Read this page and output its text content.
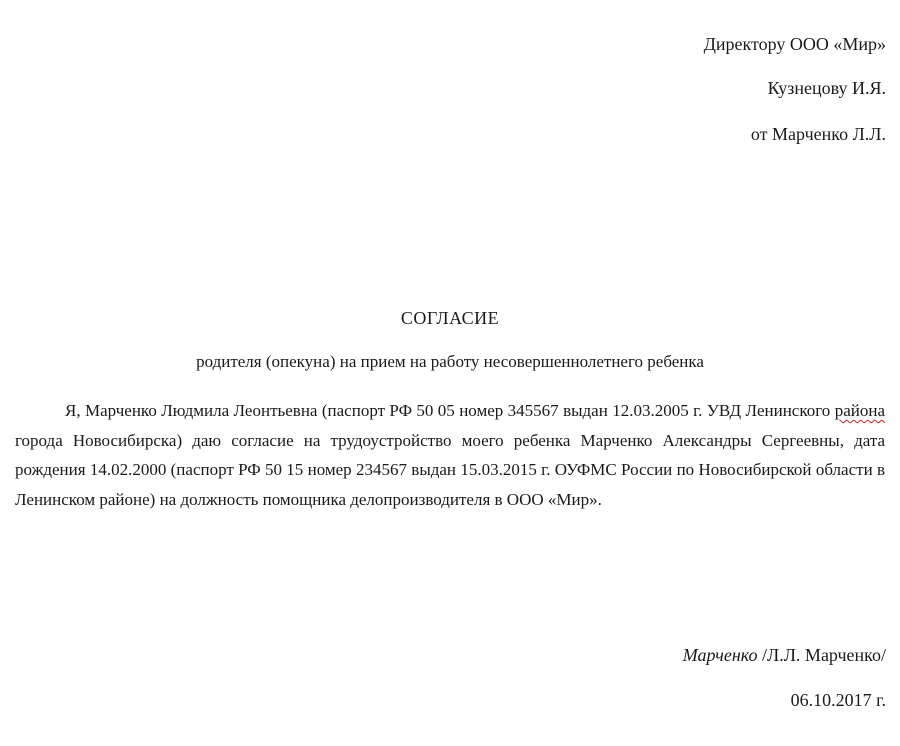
Директору ООО «Мир»
Кузнецову И.Я.
от Марченко Л.Л.
СОГЛАСИЕ
родителя (опекуна) на прием на работу несовершеннолетнего ребенка
Я, Марченко Людмила Леонтьевна (паспорт РФ 50 05 номер 345567 выдан 12.03.2005 г. УВД Ленинского района города Новосибирска) даю согласие на трудоустройство моего ребенка Марченко Александры Сергеевны, дата рождения 14.02.2000 (паспорт РФ 50 15 номер 234567 выдан 15.03.2015 г. ОУФМС России по Новосибирской области в Ленинском районе) на должность помощника делопроизводителя в ООО «Мир».
Марченко /Л.Л. Марченко/
06.10.2017 г.
